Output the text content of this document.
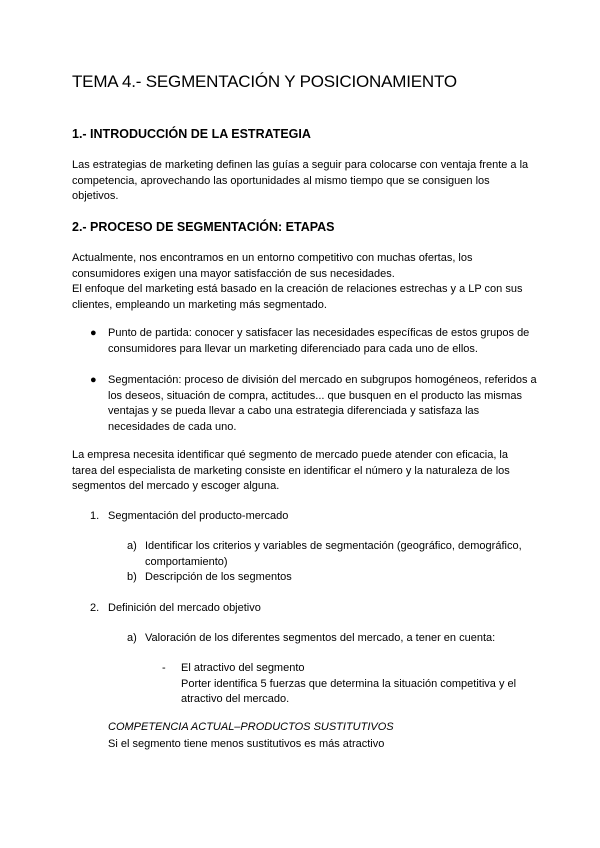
TEMA 4.- SEGMENTACIÓN Y POSICIONAMIENTO
1.- INTRODUCCIÓN DE LA ESTRATEGIA
Las estrategias de marketing definen las guías a seguir para colocarse con ventaja frente a la competencia, aprovechando las oportunidades al mismo tiempo que se consiguen los objetivos.
2.- PROCESO DE SEGMENTACIÓN: ETAPAS
Actualmente, nos encontramos en un entorno competitivo con muchas ofertas, los consumidores exigen una mayor satisfacción de sus necesidades.
El enfoque del marketing está basado en la creación de relaciones estrechas y a LP con sus clientes, empleando un marketing más segmentado.
● Punto de partida: conocer y satisfacer las necesidades específicas de estos grupos de consumidores para llevar un marketing diferenciado para cada uno de ellos.
● Segmentación: proceso de división del mercado en subgrupos homogéneos, referidos a los deseos, situación de compra, actitudes... que busquen en el producto las mismas ventajas y se pueda llevar a cabo una estrategia diferenciada y satisfaza las necesidades de cada uno.
La empresa necesita identificar qué segmento de mercado puede atender con eficacia, la tarea del especialista de marketing consiste en identificar el número y la naturaleza de los segmentos del mercado y escoger alguna.
1. Segmentación del producto-mercado
a) Identificar los criterios y variables de segmentación (geográfico, demográfico, comportamiento)
b) Descripción de los segmentos
2. Definición del mercado objetivo
a) Valoración de los diferentes segmentos del mercado, a tener en cuenta:
- El atractivo del segmento
Porter identifica 5 fuerzas que determina la situación competitiva y el atractivo del mercado.
COMPETENCIA ACTUAL–PRODUCTOS SUSTITUTIVOS
Si el segmento tiene menos sustitutivos es más atractivo
